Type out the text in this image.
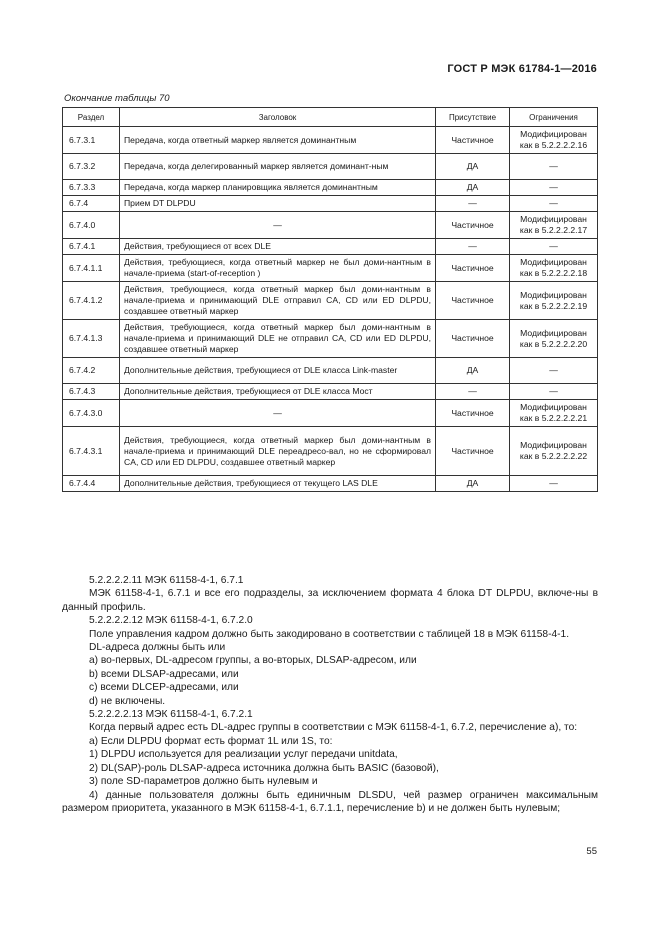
ГОСТ Р МЭК 61784-1—2016
Окончание таблицы 70
Раздел	Заголовок	Присутствие	Ограничения
6.7.3.1	Передача, когда ответный маркер является доминантным	Частичное	Модифицирован как в 5.2.2.2.2.16
6.7.3.2	Передача, когда делегированный маркер является доминант-ным	ДА	—
6.7.3.3	Передача, когда маркер планировщика является доминантным	ДА	—
6.7.4	Прием DT DLPDU	—	—
6.7.4.0	—	Частичное	Модифицирован как в 5.2.2.2.2.17
6.7.4.1	Действия, требующиеся от всех DLE	—	—
6.7.4.1.1	Действия, требующиеся, когда ответный маркер не был доми-нантным в начале-приема (start-of-reception )	Частичное	Модифицирован как в 5.2.2.2.2.18
6.7.4.1.2	Действия, требующиеся, когда ответный маркер был доми-нантным в начале-приема и принимающий DLE отправил CA, CD или ED DLPDU, создавшее ответный маркер	Частичное	Модифицирован как в 5.2.2.2.2.19
6.7.4.1.3	Действия, требующиеся, когда ответный маркер был доми-нантным в начале-приема и принимающий DLE не отправил CA, CD или ED DLPDU, создавшее ответный маркер	Частичное	Модифицирован как в 5.2.2.2.2.20
6.7.4.2	Дополнительные действия, требующиеся от DLE класса Link-master	ДА	—
6.7.4.3	Дополнительные действия, требующиеся от DLE класса Мост	—	—
6.7.4.3.0	—	Частичное	Модифицирован как в 5.2.2.2.2.21
6.7.4.3.1	Действия, требующиеся, когда ответный маркер был доми-нантным в начале-приема и принимающий DLE переадресо-вал, но не сформировал CA, CD или ED DLPDU, создавшее ответный маркер	Частичное	Модифицирован как в 5.2.2.2.2.22
6.7.4.4	Дополнительные действия, требующиеся от текущего LAS DLE	ДА	—

5.2.2.2.2.11 МЭК 61158-4-1, 6.7.1

МЭК 61158-4-1, 6.7.1 и все его подразделы, за исключением формата 4 блока DT DLPDU, включе-ны в данный профиль.

5.2.2.2.2.12 МЭК 61158-4-1, 6.7.2.0

Поле управления кадром должно быть закодировано в соответствии с таблицей 18 в МЭК 61158-4-1.

DL-адреса должны быть или

а) во-первых, DL-адресом группы, а во-вторых, DLSAP-адресом, или

b) всеми DLSAP-адресами, или

c) всеми DLCEP-адресами, или

d) не включены.

5.2.2.2.2.13 МЭК 61158-4-1, 6.7.2.1

Когда первый адрес есть DL-адрес группы в соответствии с МЭК 61158-4-1, 6.7.2, перечисление а), то:

а) Если DLPDU формат есть формат 1L или 1S, то:

1) DLPDU используется для реализации услуг передачи unitdata,

2) DL(SAP)-роль DLSAP-адреса источника должна быть BASIC (базовой),

3) поле SD-параметров должно быть нулевым и

4) данные пользователя должны быть единичным DLSDU, чей размер ограничен максимальным размером приоритета, указанного в МЭК 61158-4-1, 6.7.1.1, перечисление b) и не должен быть нулевым;

55
